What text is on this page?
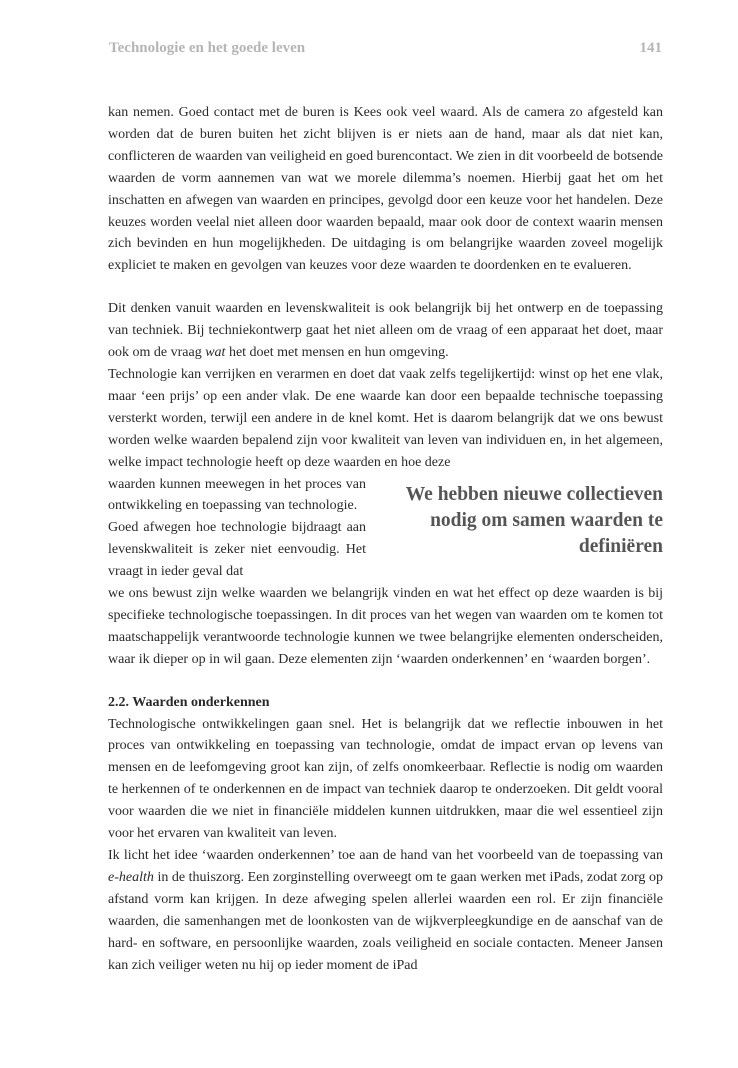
Technologie en het goede leven	141

kan nemen. Goed contact met de buren is Kees ook veel waard. Als de camera zo afgesteld kan worden dat de buren buiten het zicht blijven is er niets aan de hand, maar als dat niet kan, conflicteren de waarden van veiligheid en goed burencontact. We zien in dit voorbeeld de botsende waarden de vorm aannemen van wat we morele dilemma’s noemen. Hierbij gaat het om het inschatten en afwegen van waarden en principes, gevolgd door een keuze voor het handelen. Deze keuzes worden veelal niet alleen door waarden bepaald, maar ook door de context waarin mensen zich bevinden en hun mogelijkheden. De uitdaging is om belangrijke waarden zoveel mogelijk expliciet te maken en gevolgen van keuzes voor deze waarden te doordenken en te evalueren.

Dit denken vanuit waarden en levenskwaliteit is ook belangrijk bij het ontwerp en de toepassing van techniek. Bij techniekontwerp gaat het niet alleen om de vraag of een apparaat het doet, maar ook om de vraag wat het doet met mensen en hun omgeving.

Technologie kan verrijken en verarmen en doet dat vaak zelfs tegelijkertijd: winst op het ene vlak, maar ‘een prijs’ op een ander vlak. De ene waarde kan door een bepaalde technische toepassing versterkt worden, terwijl een andere in de knel komt. Het is daarom belangrijk dat we ons bewust worden welke waarden bepalend zijn voor kwaliteit van leven van individuen en, in het algemeen, welke impact technologie heeft op deze waarden en hoe deze

We hebben nieuwe collectieven nodig om samen waarden te definiëren

waarden kunnen meewegen in het proces van ontwikkeling en toepassing van technologie.

Goed afwegen hoe technologie bijdraagt aan levenskwaliteit is zeker niet eenvoudig. Het vraagt in ieder geval dat

we ons bewust zijn welke waarden we belangrijk vinden en wat het effect op deze waarden is bij specifieke technologische toepassingen. In dit proces van het wegen van waarden om te komen tot maatschappelijk verantwoorde technologie kunnen we twee belangrijke elementen onderscheiden, waar ik dieper op in wil gaan. Deze elementen zijn ‘waarden onderkennen’ en ‘waarden borgen’.

2.2. Waarden onderkennen

Technologische ontwikkelingen gaan snel. Het is belangrijk dat we reflectie inbouwen in het proces van ontwikkeling en toepassing van technologie, omdat de impact ervan op levens van mensen en de leefomgeving groot kan zijn, of zelfs onomkeerbaar. Reflectie is nodig om waarden te herkennen of te onderkennen en de impact van techniek daarop te onderzoeken. Dit geldt vooral voor waarden die we niet in financiële middelen kunnen uitdrukken, maar die wel essentieel zijn voor het ervaren van kwaliteit van leven.

Ik licht het idee ‘waarden onderkennen’ toe aan de hand van het voorbeeld van de toepassing van e-health in de thuiszorg. Een zorginstelling overweegt om te gaan werken met iPads, zodat zorg op afstand vorm kan krijgen. In deze afweging spelen allerlei waarden een rol. Er zijn financiële waarden, die samenhangen met de loonkosten van de wijkverpleegkundige en de aanschaf van de hard- en software, en persoonlijke waarden, zoals veiligheid en sociale contacten. Meneer Jansen kan zich veiliger weten nu hij op ieder moment de iPad
